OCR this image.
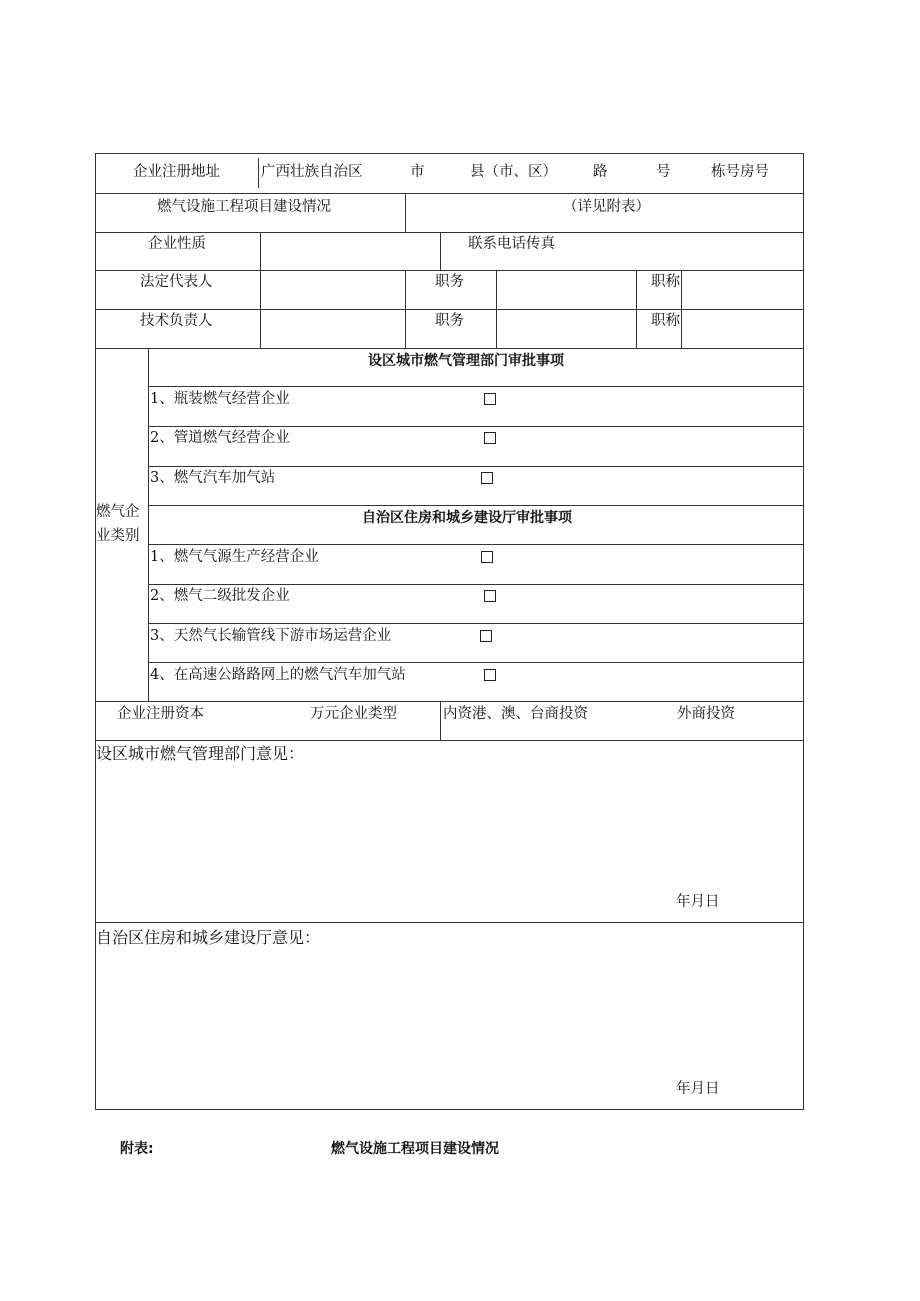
企业注册地址	广西壮族自治区	市	县（市、区） 路	号	栋号房号
燃气设施工程项目建设情况	（详见附表）
企业性质	联系电话传真
法定代表人	职务	职称
技术负责人	职务	职称
燃气企
业类别
设区城市燃气管理部门审批事项
1、瓶装燃气经营企业
2、管道燃气经营企业
3、燃气汽车加气站
自治区住房和城乡建设厅审批事项
1、燃气气源生产经营企业
2、燃气二级批发企业
3、天然气长输管线下游市场运营企业
4、在高速公路路网上的燃气汽车加气站
企业注册资本	万元企业类型	内资港、澳、台商投资	外商投资
设区城市燃气管理部门意见：
年月日
自治区住房和城乡建设厅意见：
年月日
附表:	燃气设施工程项目建设情况
